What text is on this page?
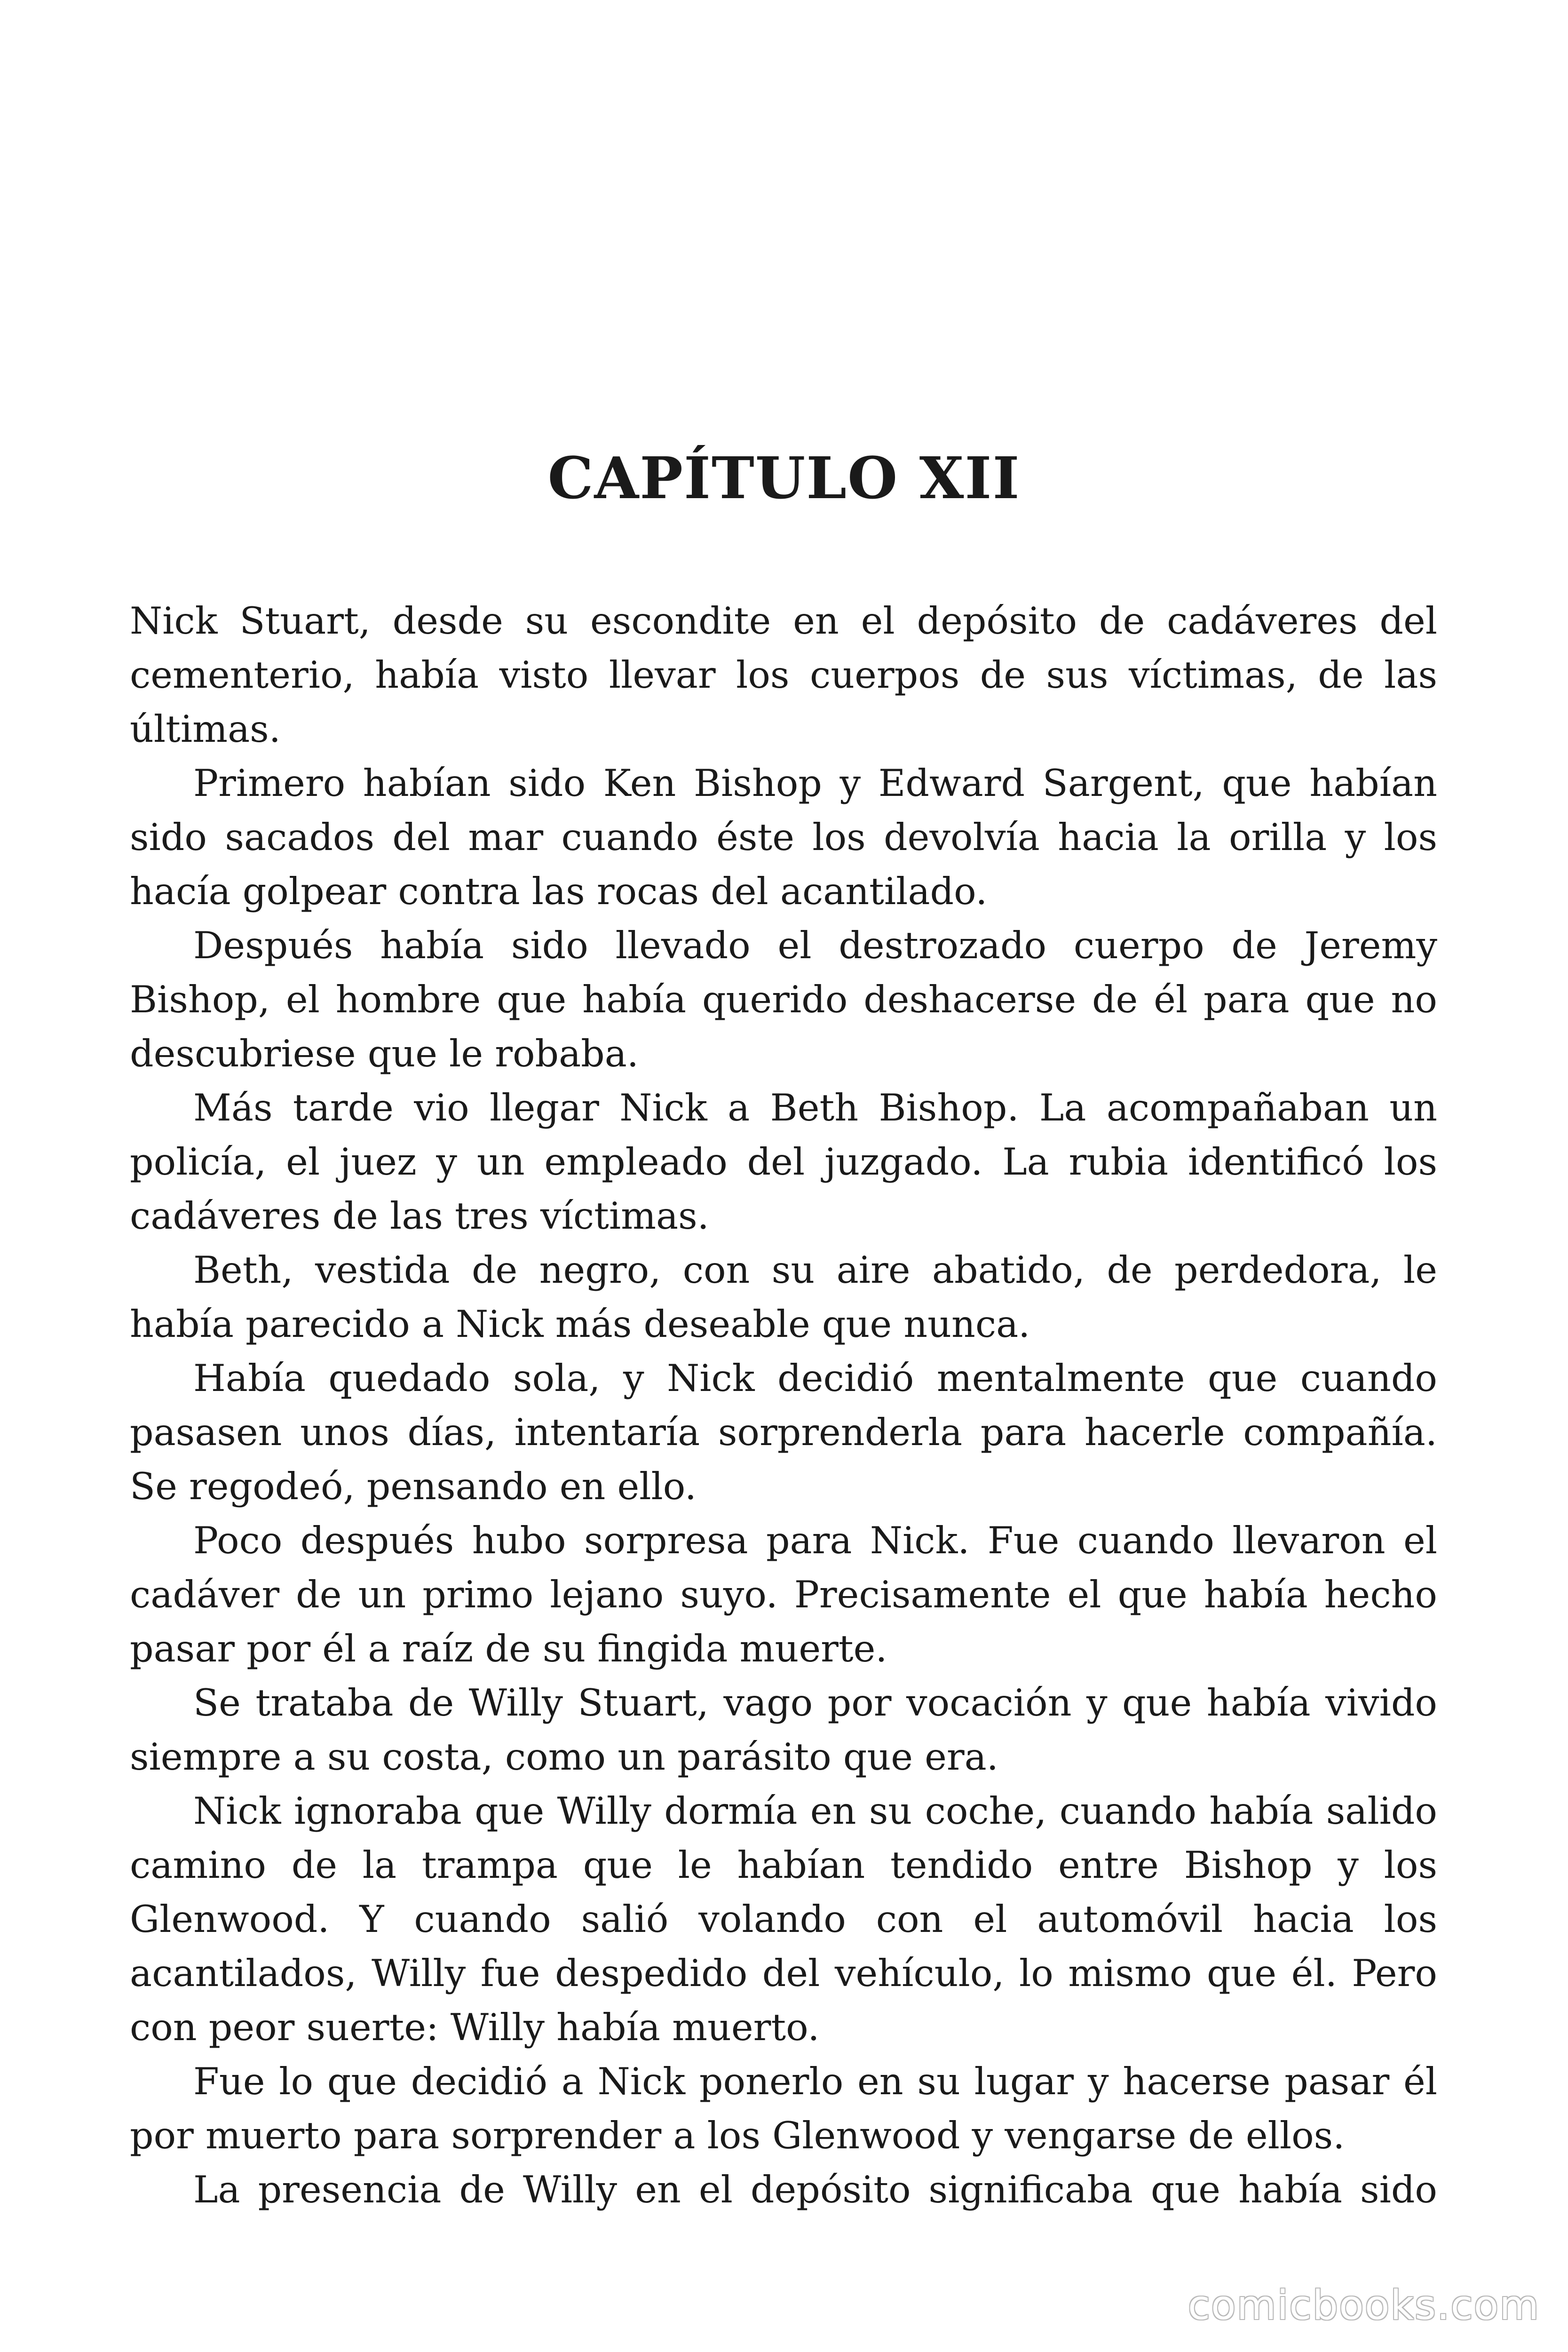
CAPÍTULO XII

Nick Stuart, desde su escondite en el depósito de cadáveres del cementerio, había visto llevar los cuerpos de sus víctimas, de las últimas.

Primero habían sido Ken Bishop y Edward Sargent, que habían sido sacados del mar cuando éste los devolvía hacia la orilla y los hacía golpear contra las rocas del acantilado.

Después había sido llevado el destrozado cuerpo de Jeremy Bishop, el hombre que había querido deshacerse de él para que no descubriese que le robaba.

Más tarde vio llegar Nick a Beth Bishop. La acompañaban un policía, el juez y un empleado del juzgado. La rubia identificó los cadáveres de las tres víctimas.

Beth, vestida de negro, con su aire abatido, de perdedora, le había parecido a Nick más deseable que nunca.

Había quedado sola, y Nick decidió mentalmente que cuando pasasen unos días, intentaría sorprenderla para hacerle compañía. Se regodeó, pensando en ello.

Poco después hubo sorpresa para Nick. Fue cuando llevaron el cadáver de un primo lejano suyo. Precisamente el que había hecho pasar por él a raíz de su fingida muerte.

Se trataba de Willy Stuart, vago por vocación y que había vivido siempre a su costa, como un parásito que era.

Nick ignoraba que Willy dormía en su coche, cuando había salido camino de la trampa que le habían tendido entre Bishop y los Glenwood. Y cuando salió volando con el automóvil hacia los acantilados, Willy fue despedido del vehículo, lo mismo que él. Pero con peor suerte: Willy había muerto.

Fue lo que decidió a Nick ponerlo en su lugar y hacerse pasar él por muerto para sorprender a los Glenwood y vengarse de ellos.

La presencia de Willy en el depósito significaba que había sido

comicbooks.com
